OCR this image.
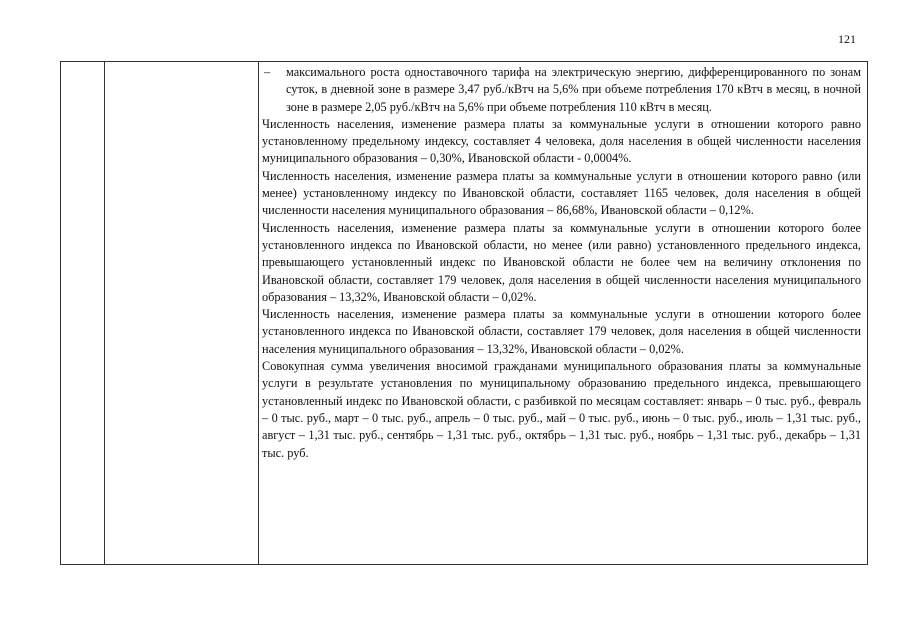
121

– максимального роста одноставочного тарифа на электрическую энергию, дифференцированного по зонам суток, в дневной зоне в размере 3,47 руб./кВтч на 5,6% при объеме потребления 170 кВтч в месяц, в ночной зоне в размере 2,05 руб./кВтч на 5,6% при объеме потребления 110 кВтч в месяц.

Численность населения, изменение размера платы за коммунальные услуги в отношении которого равно установленному предельному индексу, составляет 4 человека, доля населения в общей численности населения муниципального образования – 0,30%, Ивановской области - 0,0004%.

Численность населения, изменение размера платы за коммунальные услуги в отношении которого равно (или менее) установленному индексу по Ивановской области, составляет 1165 человек, доля населения в общей численности населения муниципального образования – 86,68%, Ивановской области – 0,12%.

Численность населения, изменение размера платы за коммунальные услуги в отношении которого более установленного индекса по Ивановской области, но менее (или равно) установленного предельного индекса, превышающего установленный индекс по Ивановской области не более чем на величину отклонения по Ивановской области, составляет 179 человек, доля населения в общей численности населения муниципального образования – 13,32%, Ивановской области – 0,02%.

Численность населения, изменение размера платы за коммунальные услуги в отношении которого более установленного индекса по Ивановской области, составляет 179 человек, доля населения в общей численности населения муниципального образования – 13,32%, Ивановской области – 0,02%.

Совокупная сумма увеличения вносимой гражданами муниципального образования платы за коммунальные услуги в результате установления по муниципальному образованию предельного индекса, превышающего установленный индекс по Ивановской области, с разбивкой по месяцам составляет: январь – 0 тыс. руб., февраль – 0 тыс. руб., март – 0 тыс. руб., апрель – 0 тыс. руб., май – 0 тыс. руб., июнь – 0 тыс. руб., июль – 1,31 тыс. руб., август – 1,31 тыс. руб., сентябрь – 1,31 тыс. руб., октябрь – 1,31 тыс. руб., ноябрь – 1,31 тыс. руб., декабрь – 1,31 тыс. руб.
